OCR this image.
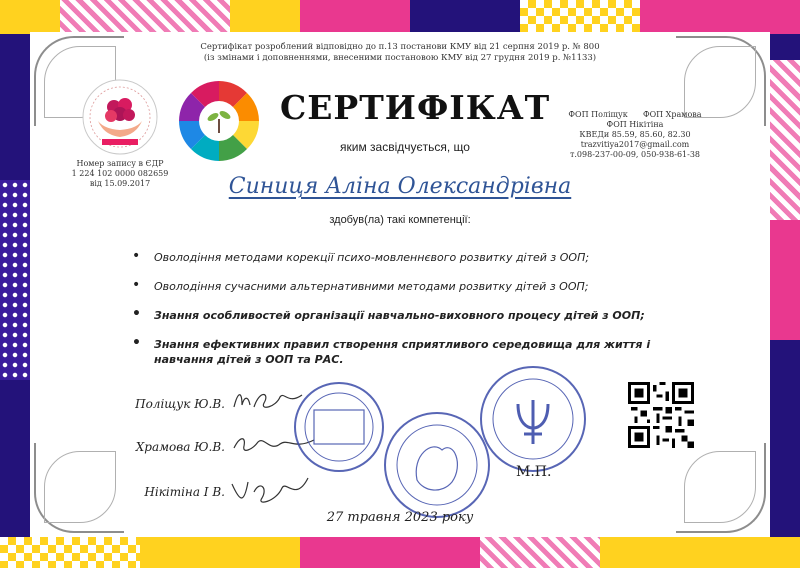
Сертифікат розроблений відповідно до п.13 постанови КМУ від 21 серпня 2019 р. № 800
(із змінами і доповненнями, внесеними постановою КМУ від 27 грудня 2019 р. №1133)
Номер запису в ЄДР
1 224 102 0000 082659
від 15.09.2017
СЕРТИФІКАТ
яким засвідчується, що
ФОП Поліщук      ФОП Храмова
ФОП Нікітіна
КВЕДи 85.59, 85.60, 82.30
trazvitiya2017@gmail.com
т.098-237-00-09, 050-938-61-38
Синиця Аліна Олександрівна
здобув(ла) такі компетенції:
• Оволодіння методами корекції психо-мовленнєвого розвитку дітей з ООП;
• Оволодіння сучасними альтернативними методами розвитку дітей з ООП;
• Знання особливостей організації навчально-виховного процесу дітей з ООП;
• Знання ефективних правил створення сприятливого середовища для життя і навчання дітей з ООП та РАС.
Поліщук Ю.В.
Храмова Ю.В.
Нікітіна І В.
М.П.
27 травня 2023 року
